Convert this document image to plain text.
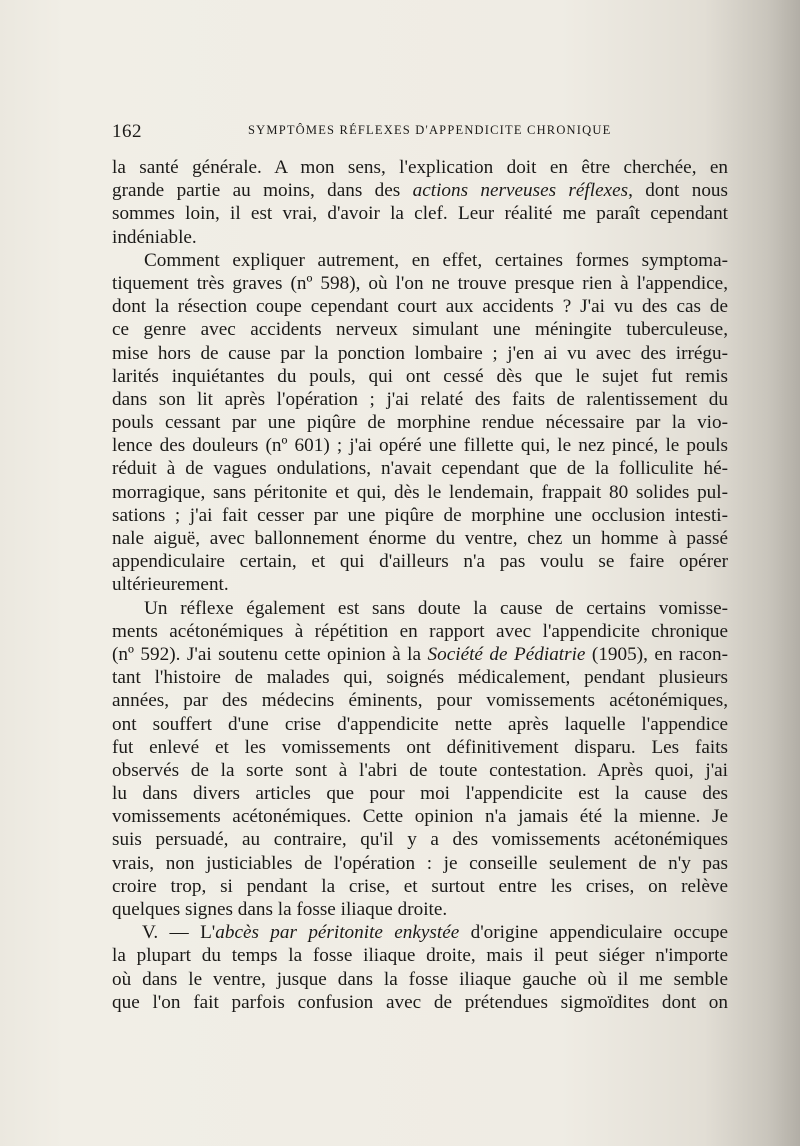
162	SYMPTÔMES RÉFLEXES D'APPENDICITE CHRONIQUE
la santé générale. A mon sens, l'explication doit en être cherchée, en
grande partie au moins, dans des actions nerveuses réflexes, dont nous
sommes loin, il est vrai, d'avoir la clef. Leur réalité me paraît cependant
indéniable.
Comment expliquer autrement, en effet, certaines formes symptoma-
tiquement très graves (nº 598), où l'on ne trouve presque rien à l'appendice,
dont la résection coupe cependant court aux accidents ? J'ai vu des cas de
ce genre avec accidents nerveux simulant une méningite tuberculeuse,
mise hors de cause par la ponction lombaire ; j'en ai vu avec des irrégu-
larités inquiétantes du pouls, qui ont cessé dès que le sujet fut remis
dans son lit après l'opération ; j'ai relaté des faits de ralentissement du
pouls cessant par une piqûre de morphine rendue nécessaire par la vio-
lence des douleurs (nº 601) ; j'ai opéré une fillette qui, le nez pincé, le pouls
réduit à de vagues ondulations, n'avait cependant que de la folliculite hé-
morragique, sans péritonite et qui, dès le lendemain, frappait 80 solides pul-
sations ; j'ai fait cesser par une piqûre de morphine une occlusion intesti-
nale aiguë, avec ballonnement énorme du ventre, chez un homme à passé
appendiculaire certain, et qui d'ailleurs n'a pas voulu se faire opérer
ultérieurement.
Un réflexe également est sans doute la cause de certains vomisse-
ments acétonémiques à répétition en rapport avec l'appendicite chronique
(nº 592). J'ai soutenu cette opinion à la Société de Pédiatrie (1905), en racon-
tant l'histoire de malades qui, soignés médicalement, pendant plusieurs
années, par des médecins éminents, pour vomissements acétonémiques,
ont souffert d'une crise d'appendicite nette après laquelle l'appendice
fut enlevé et les vomissements ont définitivement disparu. Les faits
observés de la sorte sont à l'abri de toute contestation. Après quoi, j'ai
lu dans divers articles que pour moi l'appendicite est la cause des
vomissements acétonémiques. Cette opinion n'a jamais été la mienne. Je
suis persuadé, au contraire, qu'il y a des vomissements acétonémiques
vrais, non justiciables de l'opération : je conseille seulement de n'y pas
croire trop, si pendant la crise, et surtout entre les crises, on relève
quelques signes dans la fosse iliaque droite.
V. — L'abcès par péritonite enkystée d'origine appendiculaire occupe
la plupart du temps la fosse iliaque droite, mais il peut siéger n'importe
où dans le ventre, jusque dans la fosse iliaque gauche où il me semble
que l'on fait parfois confusion avec de prétendues sigmoïdites dont on
